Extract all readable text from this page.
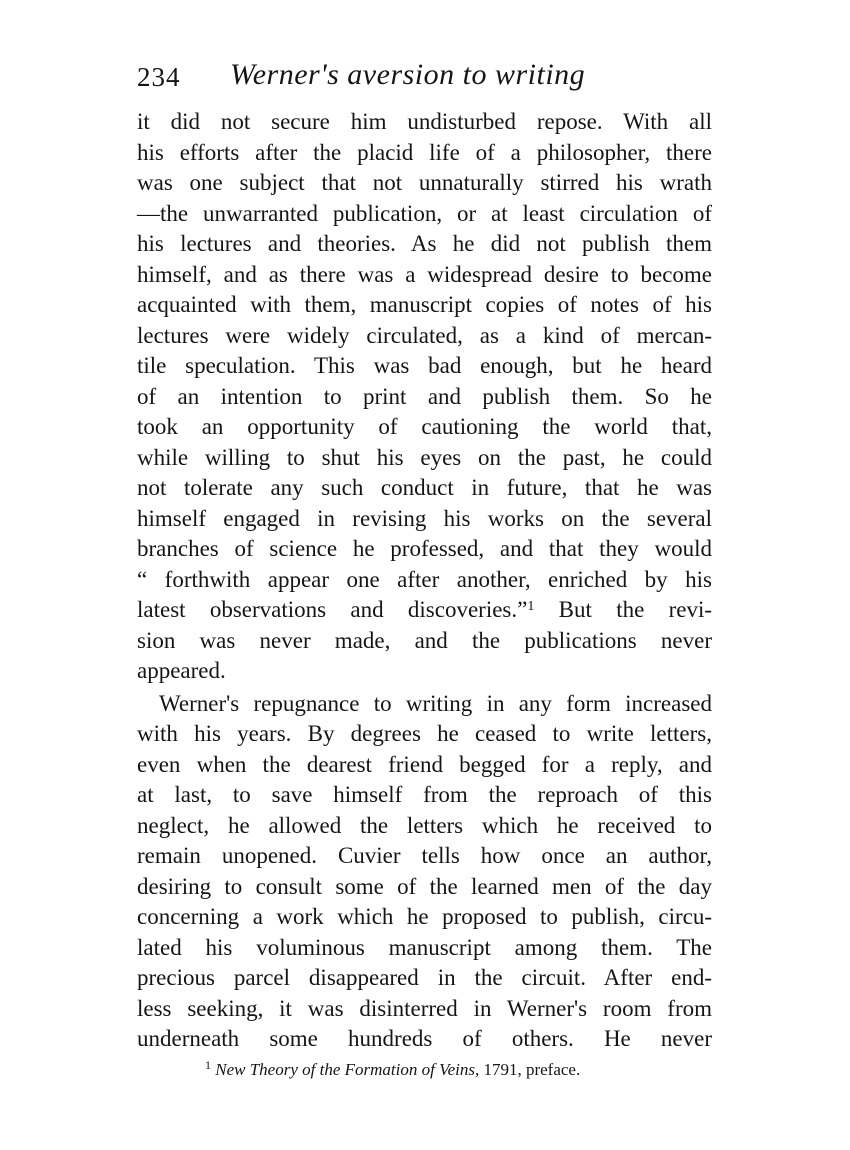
234 Werner's aversion to writing
it did not secure him undisturbed repose. With all
his efforts after the placid life of a philosopher, there
was one subject that not unnaturally stirred his wrath
—the unwarranted publication, or at least circulation of
his lectures and theories. As he did not publish them
himself, and as there was a widespread desire to become
acquainted with them, manuscript copies of notes of his
lectures were widely circulated, as a kind of mercan-
tile speculation. This was bad enough, but he heard
of an intention to print and publish them. So he
took an opportunity of cautioning the world that,
while willing to shut his eyes on the past, he could
not tolerate any such conduct in future, that he was
himself engaged in revising his works on the several
branches of science he professed, and that they would
“ forthwith appear one after another, enriched by his
latest observations and discoveries.”$^1$ But the revi-
sion was never made, and the publications never
appeared.
Werner's repugnance to writing in any form increased
with his years. By degrees he ceased to write letters,
even when the dearest friend begged for a reply, and
at last, to save himself from the reproach of this
neglect, he allowed the letters which he received to
remain unopened. Cuvier tells how once an author,
desiring to consult some of the learned men of the day
concerning a work which he proposed to publish, circu-
lated his voluminous manuscript among them. The
precious parcel disappeared in the circuit. After end-
less seeking, it was disinterred in Werner's room from
underneath some hundreds of others. He never
$^1$ New Theory of the Formation of Veins, 1791, preface.
